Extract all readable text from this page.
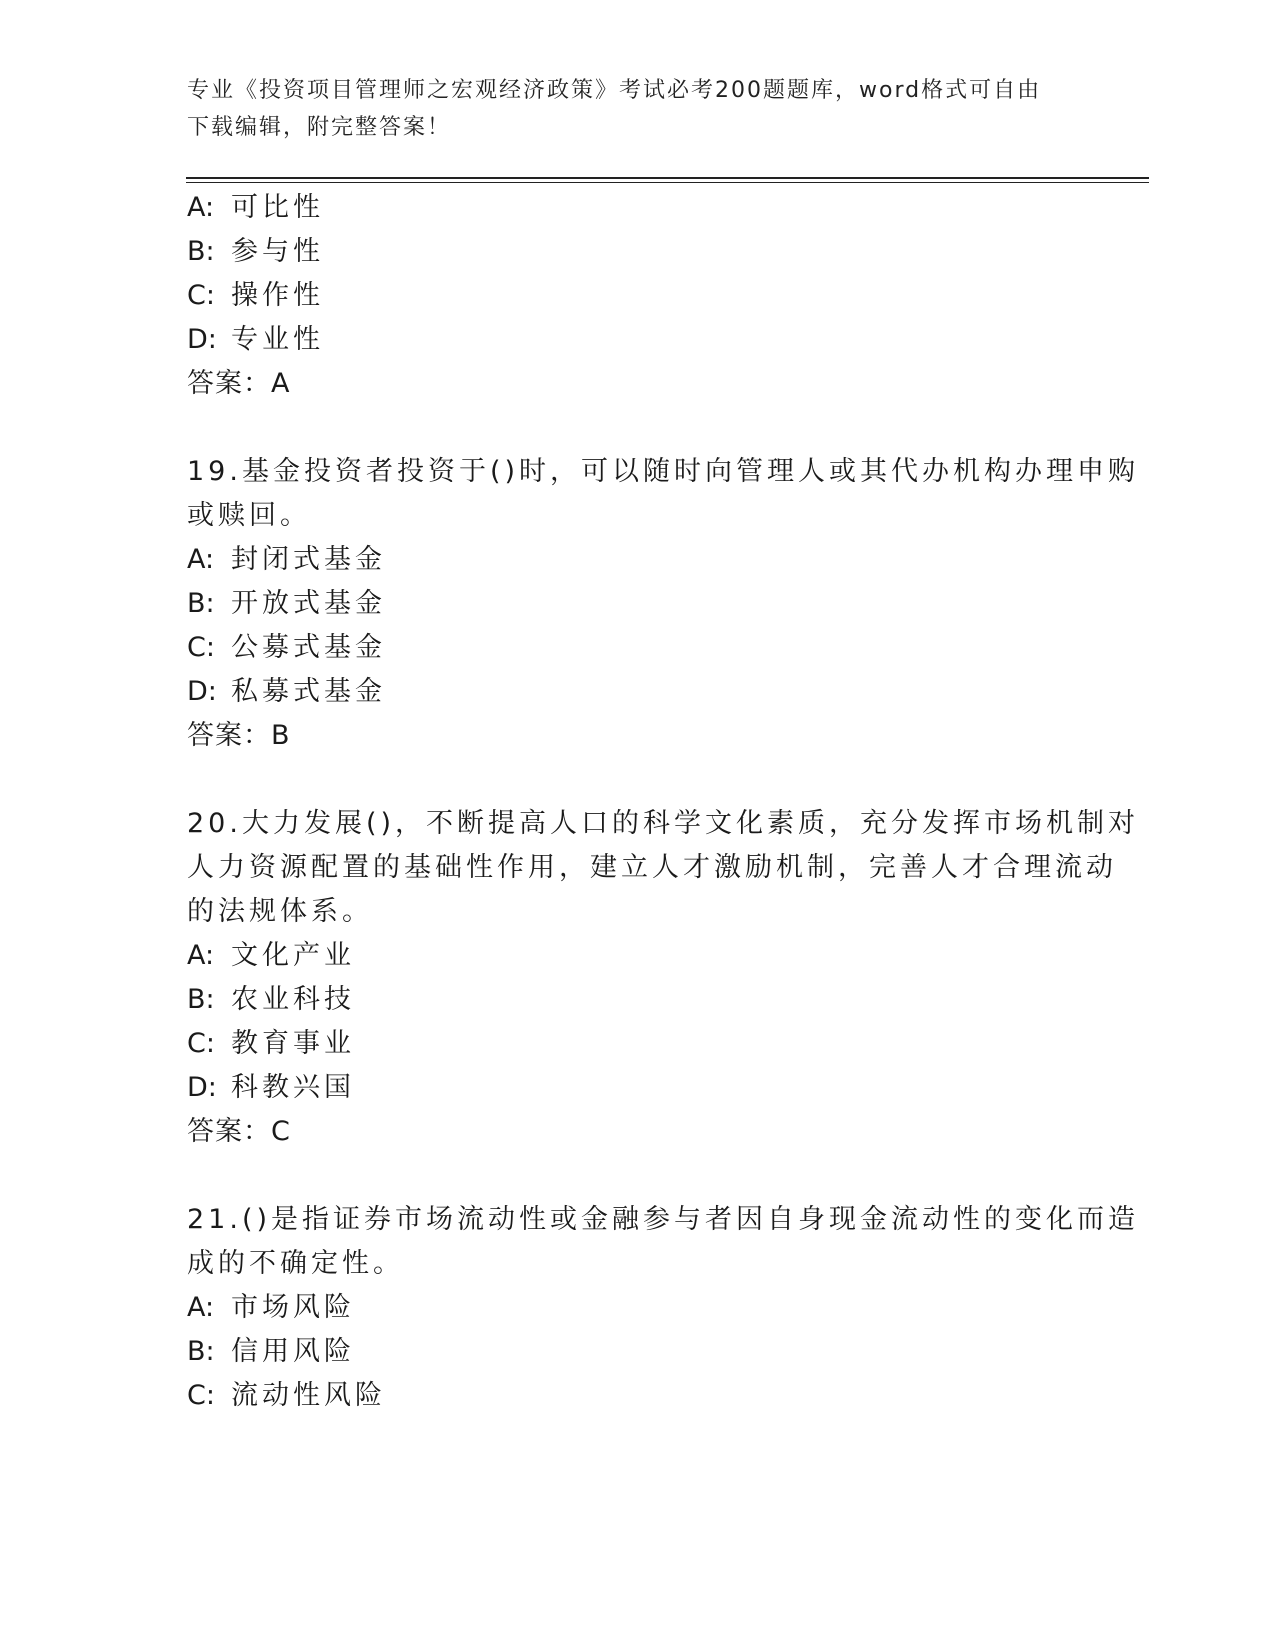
专业《投资项目管理师之宏观经济政策》考试必考200题题库，word格式可自由
下载编辑，附完整答案！
A: 可比性
B: 参与性
C: 操作性
D: 专业性
答案：A
19.基金投资者投资于()时，可以随时向管理人或其代办机构办理申购
或赎回。
A: 封闭式基金
B: 开放式基金
C: 公募式基金
D: 私募式基金
答案：B
20.大力发展()，不断提高人口的科学文化素质，充分发挥市场机制对
人力资源配置的基础性作用，建立人才激励机制，完善人才合理流动
的法规体系。
A: 文化产业
B: 农业科技
C: 教育事业
D: 科教兴国
答案：C
21.()是指证券市场流动性或金融参与者因自身现金流动性的变化而造
成的不确定性。
A: 市场风险
B: 信用风险
C: 流动性风险
